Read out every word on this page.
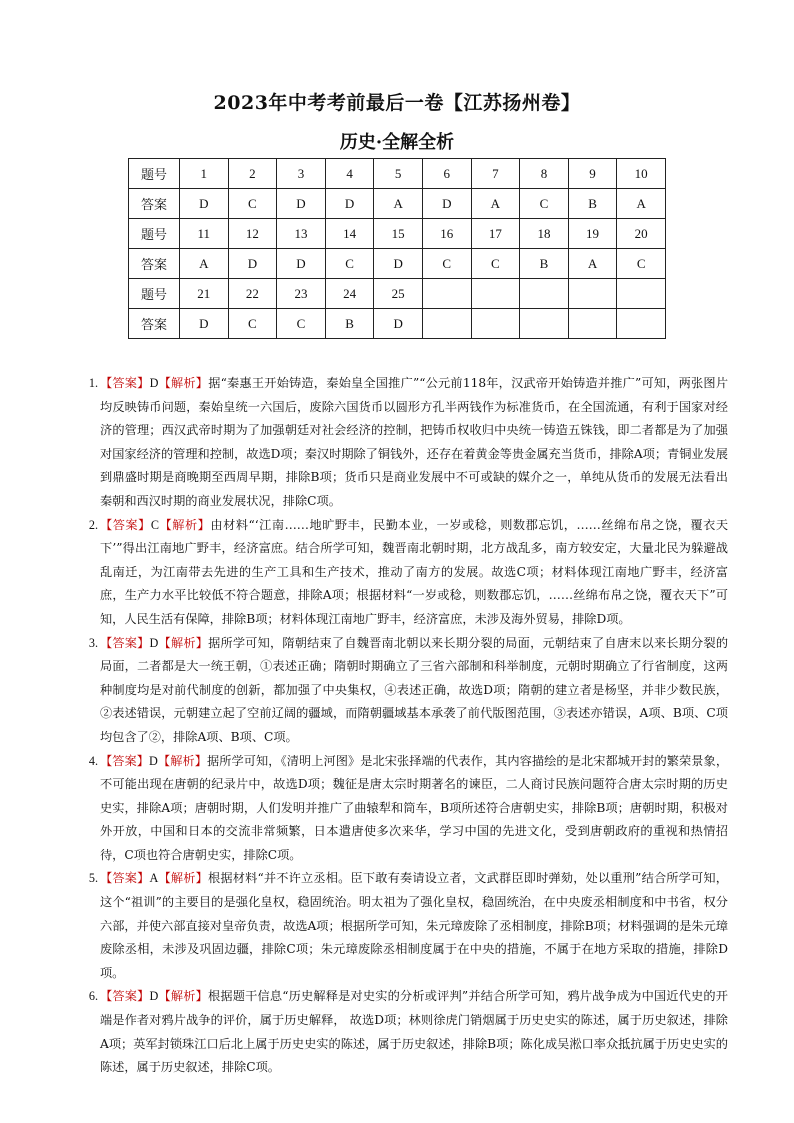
2023年中考考前最后一卷【江苏扬州卷】
历史·全解全析
题号	1	2	3	4	5	6	7	8	9	10
答案	D	C	D	D	A	D	A	C	B	A
题号	11	12	13	14	15	16	17	18	19	20
答案	A	D	D	C	D	C	C	B	A	C
题号	21	22	23	24	25					
答案	D	C	C	B	D					
1. 【答案】D【解析】据“秦惠王开始铸造，秦始皇全国推广”“公元前118年，汉武帝开始铸造并推广”可知，两张图片均反映铸币问题，秦始皇统一六国后，废除六国货币以圆形方孔半两钱作为标准货币，在全国流通，有利于国家对经济的管理；西汉武帝时期为了加强朝廷对社会经济的控制，把铸币权收归中央统一铸造五铢钱，即二者都是为了加强对国家经济的管理和控制，故选D项；秦汉时期除了铜钱外，还存在着黄金等贵金属充当货币，排除A项；青铜业发展到鼎盛时期是商晚期至西周早期，排除B项；货币只是商业发展中不可或缺的媒介之一，单纯从货币的发展无法看出秦朝和西汉时期的商业发展状况，排除C项。
2. 【答案】C【解析】由材料“‘江南……地旷野丰，民勤本业，一岁或稔，则数郡忘饥，……丝绵布帛之饶，覆衣天下’”得出江南地广野丰，经济富庶。结合所学可知，魏晋南北朝时期，北方战乱多，南方较安定，大量北民为躲避战乱南迁，为江南带去先进的生产工具和生产技术，推动了南方的发展。故选C项；材料体现江南地广野丰，经济富庶，生产力水平比较低不符合题意，排除A项；根据材料“一岁或稔，则数郡忘饥，……丝绵布帛之饶，覆衣天下”可知，人民生活有保障，排除B项；材料体现江南地广野丰，经济富庶，未涉及海外贸易，排除D项。
3. 【答案】D【解析】据所学可知，隋朝结束了自魏晋南北朝以来长期分裂的局面，元朝结束了自唐末以来长期分裂的局面，二者都是大一统王朝，①表述正确；隋朝时期确立了三省六部制和科举制度，元朝时期确立了行省制度，这两种制度均是对前代制度的创新，都加强了中央集权，④表述正确，故选D项；隋朝的建立者是杨坚，并非少数民族，②表述错误，元朝建立起了空前辽阔的疆域，而隋朝疆域基本承袭了前代版图范围，③表述亦错误，A项、B项、C项均包含了②，排除A项、B项、C项。
4. 【答案】D【解析】据所学可知，《清明上河图》是北宋张择端的代表作，其内容描绘的是北宋都城开封的繁荣景象，不可能出现在唐朝的纪录片中，故选D项；魏征是唐太宗时期著名的谏臣，二人商讨民族问题符合唐太宗时期的历史史实，排除A项；唐朝时期，人们发明并推广了曲辕犁和筒车，B项所述符合唐朝史实，排除B项；唐朝时期，积极对外开放，中国和日本的交流非常频繁，日本遣唐使多次来华，学习中国的先进文化，受到唐朝政府的重视和热情招待，C项也符合唐朝史实，排除C项。
5. 【答案】A【解析】根据材料“并不许立丞相。臣下敢有奏请设立者，文武群臣即时弹劾，处以重刑”结合所学可知，这个“祖训”的主要目的是强化皇权，稳固统治。明太祖为了强化皇权，稳固统治，在中央废丞相制度和中书省，权分六部，并使六部直接对皇帝负责，故选A项；根据所学可知，朱元璋废除了丞相制度，排除B项；材料强调的是朱元璋废除丞相，未涉及巩固边疆，排除C项；朱元璋废除丞相制度属于在中央的措施，不属于在地方采取的措施，排除D项。
6. 【答案】D【解析】根据题干信息“历史解释是对史实的分析或评判”并结合所学可知，鸦片战争成为中国近代史的开端是作者对鸦片战争的评价，属于历史解释， 故选D项；林则徐虎门销烟属于历史史实的陈述，属于历史叙述，排除A项；英军封锁珠江口后北上属于历史史实的陈述，属于历史叙述，排除B项；陈化成吴淞口率众抵抗属于历史史实的陈述，属于历史叙述，排除C项。
